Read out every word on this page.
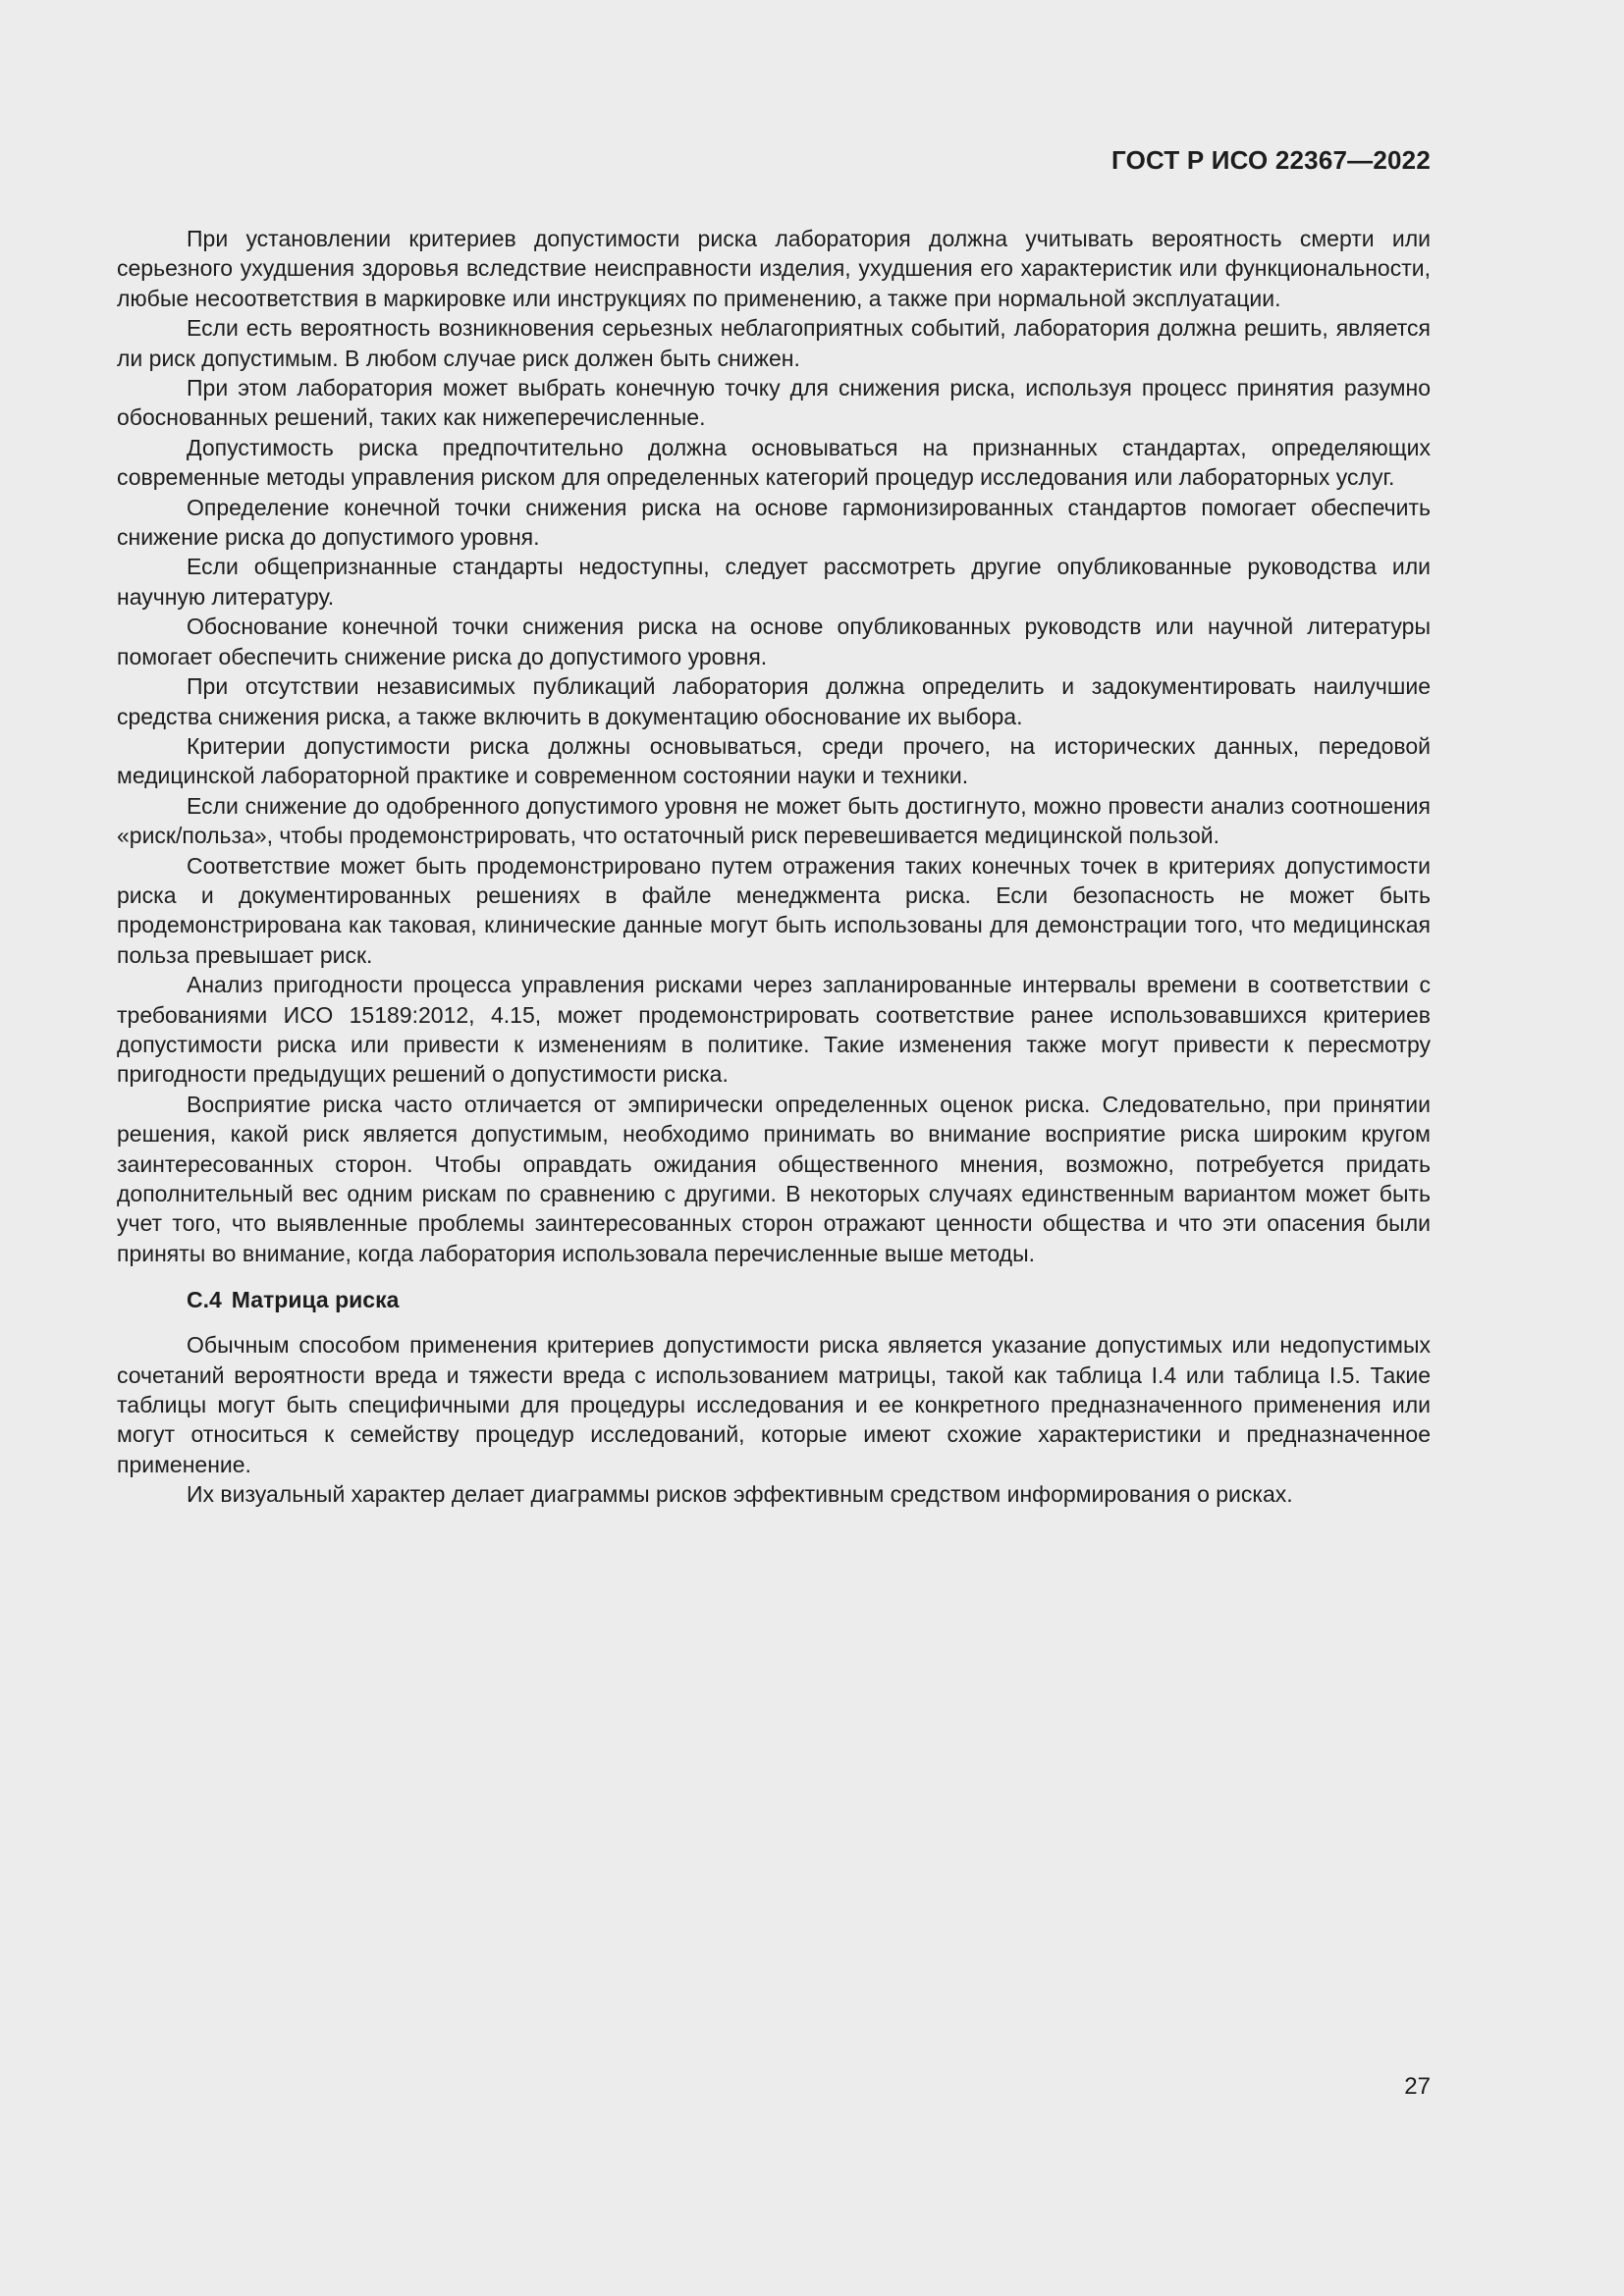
ГОСТ Р ИСО 22367—2022

При установлении критериев допустимости риска лаборатория должна учитывать вероятность смерти или серьезного ухудшения здоровья вследствие неисправности изделия, ухудшения его характеристик или функциональности, любые несоответствия в маркировке или инструкциях по применению, а также при нормальной эксплуатации.

Если есть вероятность возникновения серьезных неблагоприятных событий, лаборатория должна решить, является ли риск допустимым. В любом случае риск должен быть снижен.

При этом лаборатория может выбрать конечную точку для снижения риска, используя процесс принятия разумно обоснованных решений, таких как нижеперечисленные.

Допустимость риска предпочтительно должна основываться на признанных стандартах, определяющих современные методы управления риском для определенных категорий процедур исследования или лабораторных услуг.

Определение конечной точки снижения риска на основе гармонизированных стандартов помогает обеспечить снижение риска до допустимого уровня.

Если общепризнанные стандарты недоступны, следует рассмотреть другие опубликованные руководства или научную литературу.

Обоснование конечной точки снижения риска на основе опубликованных руководств или научной литературы помогает обеспечить снижение риска до допустимого уровня.

При отсутствии независимых публикаций лаборатория должна определить и задокументировать наилучшие средства снижения риска, а также включить в документацию обоснование их выбора.

Критерии допустимости риска должны основываться, среди прочего, на исторических данных, передовой медицинской лабораторной практике и современном состоянии науки и техники.

Если снижение до одобренного допустимого уровня не может быть достигнуто, можно провести анализ соотношения «риск/польза», чтобы продемонстрировать, что остаточный риск перевешивается медицинской пользой.

Соответствие может быть продемонстрировано путем отражения таких конечных точек в критериях допустимости риска и документированных решениях в файле менеджмента риска. Если безопасность не может быть продемонстрирована как таковая, клинические данные могут быть использованы для демонстрации того, что медицинская польза превышает риск.

Анализ пригодности процесса управления рисками через запланированные интервалы времени в соответствии с требованиями ИСО 15189:2012, 4.15, может продемонстрировать соответствие ранее использовавшихся критериев допустимости риска или привести к изменениям в политике. Такие изменения также могут привести к пересмотру пригодности предыдущих решений о допустимости риска.

Восприятие риска часто отличается от эмпирически определенных оценок риска. Следовательно, при принятии решения, какой риск является допустимым, необходимо принимать во внимание восприятие риска широким кругом заинтересованных сторон. Чтобы оправдать ожидания общественного мнения, возможно, потребуется придать дополнительный вес одним рискам по сравнению с другими. В некоторых случаях единственным вариантом может быть учет того, что выявленные проблемы заинтересованных сторон отражают ценности общества и что эти опасения были приняты во внимание, когда лаборатория использовала перечисленные выше методы.

С.4 Матрица риска

Обычным способом применения критериев допустимости риска является указание допустимых или недопустимых сочетаний вероятности вреда и тяжести вреда с использованием матрицы, такой как таблица I.4 или таблица I.5. Такие таблицы могут быть специфичными для процедуры исследования и ее конкретного предназначенного применения или могут относиться к семейству процедур исследований, которые имеют схожие характеристики и предназначенное применение.

Их визуальный характер делает диаграммы рисков эффективным средством информирования о рисках.

27
